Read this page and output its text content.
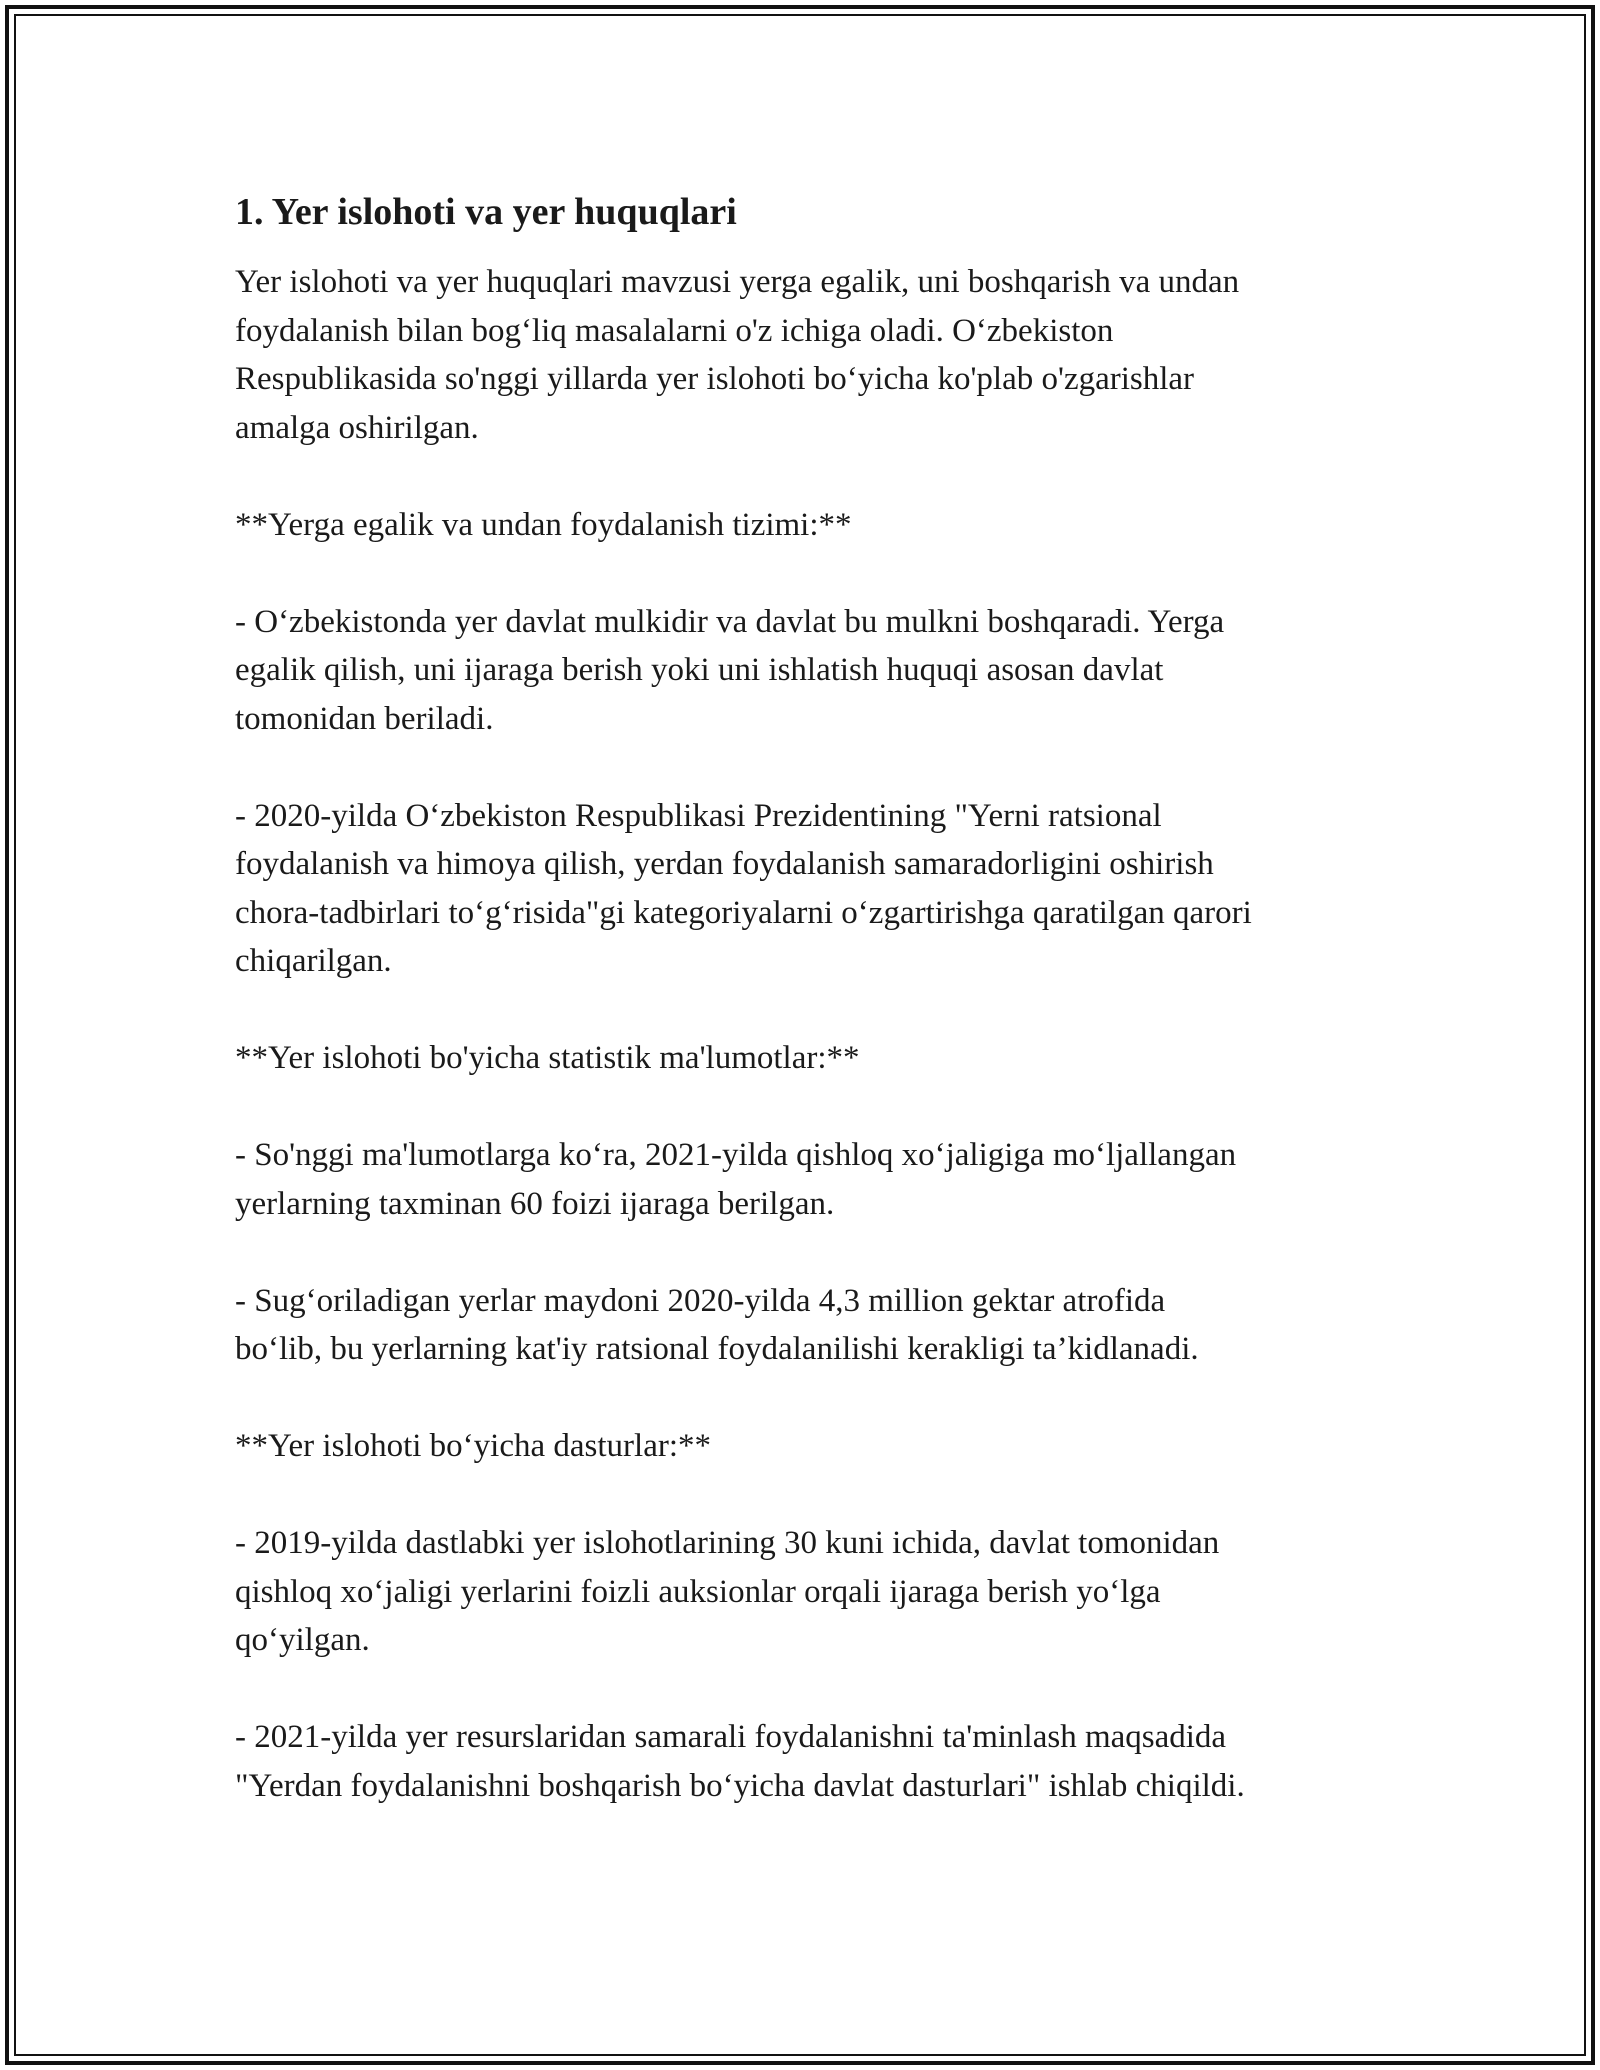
1. Yer islohoti va yer huquqlari

Yer islohoti va yer huquqlari mavzusi yerga egalik, uni boshqarish va undan
foydalanish bilan bog‘liq masalalarni o'z ichiga oladi. O‘zbekiston
Respublikasida so'nggi yillarda yer islohoti bo‘yicha ko'plab o'zgarishlar
amalga oshirilgan.

**Yerga egalik va undan foydalanish tizimi:**

- O‘zbekistonda yer davlat mulkidir va davlat bu mulkni boshqaradi. Yerga
egalik qilish, uni ijaraga berish yoki uni ishlatish huquqi asosan davlat
tomonidan beriladi.

- 2020-yilda O‘zbekiston Respublikasi Prezidentining "Yerni ratsional
foydalanish va himoya qilish, yerdan foydalanish samaradorligini oshirish
chora-tadbirlari to‘g‘risida"gi kategoriyalarni o‘zgartirishga qaratilgan qarori
chiqarilgan.

**Yer islohoti bo'yicha statistik ma'lumotlar:**

- So'nggi ma'lumotlarga ko‘ra, 2021-yilda qishloq xo‘jaligiga mo‘ljallangan
yerlarning taxminan 60 foizi ijaraga berilgan.

- Sug‘oriladigan yerlar maydoni 2020-yilda 4,3 million gektar atrofida
bo‘lib, bu yerlarning kat'iy ratsional foydalanilishi kerakligi ta’kidlanadi.

**Yer islohoti bo‘yicha dasturlar:**

- 2019-yilda dastlabki yer islohotlarining 30 kuni ichida, davlat tomonidan
qishloq xo‘jaligi yerlarini foizli auksionlar orqali ijaraga berish yo‘lga
qo‘yilgan.

- 2021-yilda yer resurslaridan samarali foydalanishni ta'minlash maqsadida
"Yerdan foydalanishni boshqarish bo‘yicha davlat dasturlari" ishlab chiqildi.
